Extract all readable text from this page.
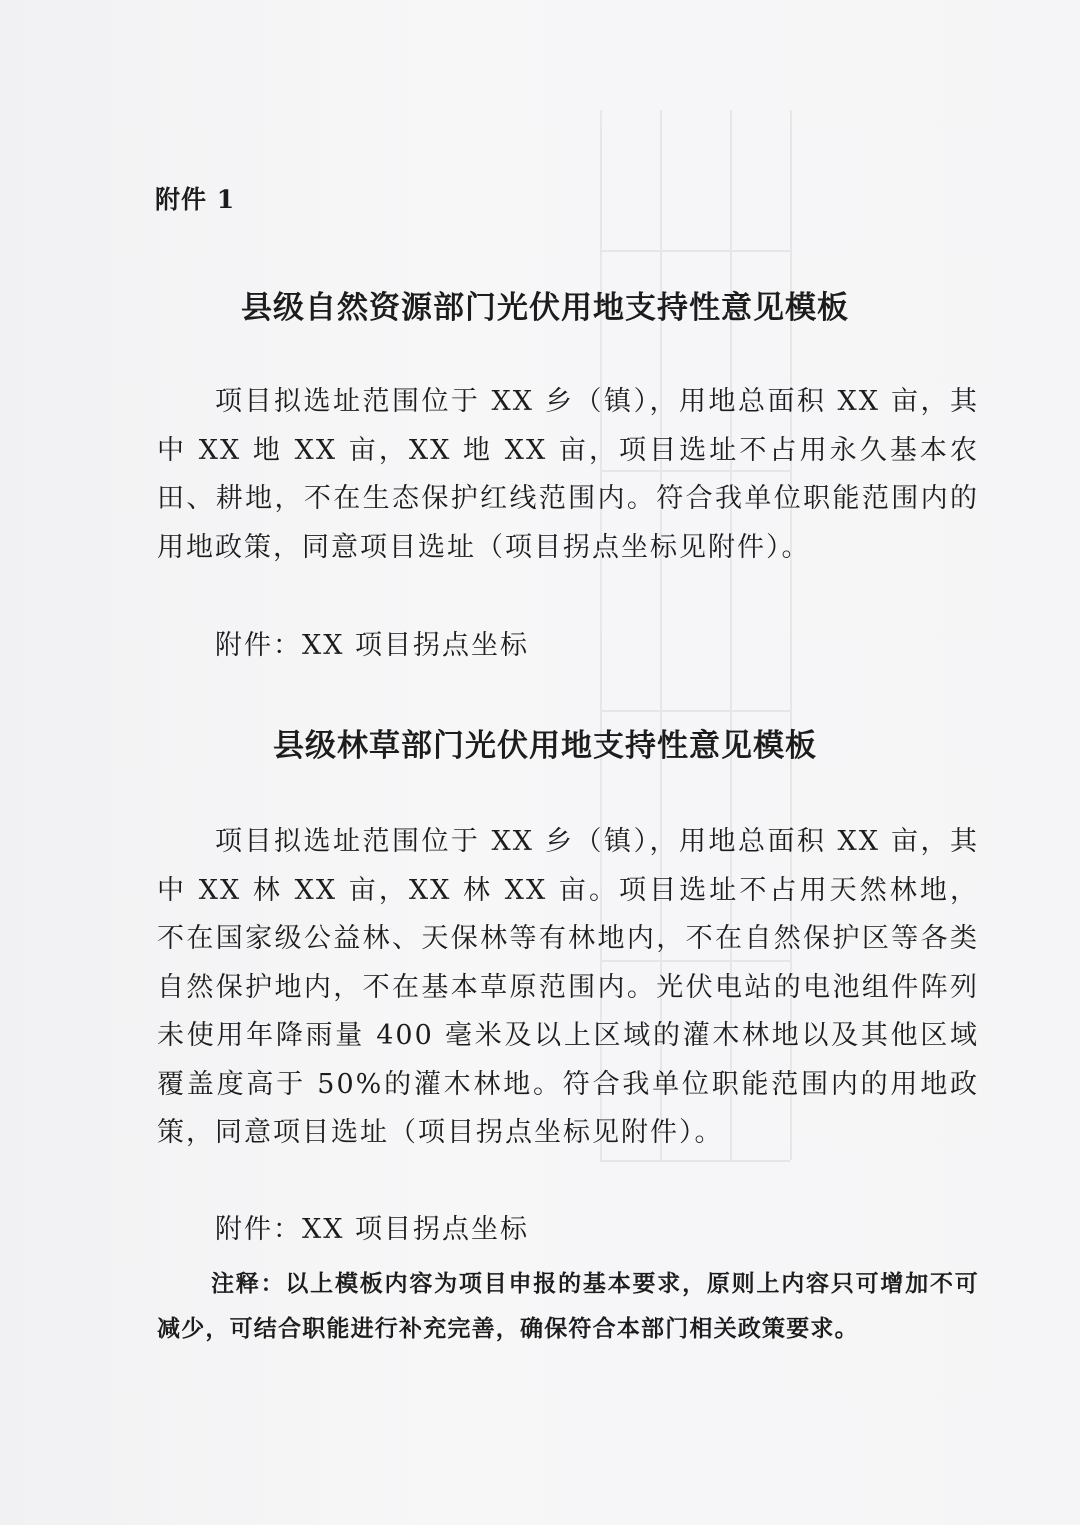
附件 1
县级自然资源部门光伏用地支持性意见模板
项目拟选址范围位于 XX 乡（镇），用地总面积 XX 亩，其中 XX 地 XX 亩，XX 地 XX 亩，项目选址不占用永久基本农田、耕地，不在生态保护红线范围内。符合我单位职能范围内的用地政策，同意项目选址（项目拐点坐标见附件）。
附件：XX 项目拐点坐标
县级林草部门光伏用地支持性意见模板
项目拟选址范围位于 XX 乡（镇），用地总面积 XX 亩，其中 XX 林 XX 亩，XX 林 XX 亩。项目选址不占用天然林地，不在国家级公益林、天保林等有林地内，不在自然保护区等各类自然保护地内，不在基本草原范围内。光伏电站的电池组件阵列未使用年降雨量 400 毫米及以上区域的灌木林地以及其他区域覆盖度高于 50%的灌木林地。符合我单位职能范围内的用地政策，同意项目选址（项目拐点坐标见附件）。
附件：XX 项目拐点坐标
注释：以上模板内容为项目申报的基本要求，原则上内容只可增加不可减少，可结合职能进行补充完善，确保符合本部门相关政策要求。
